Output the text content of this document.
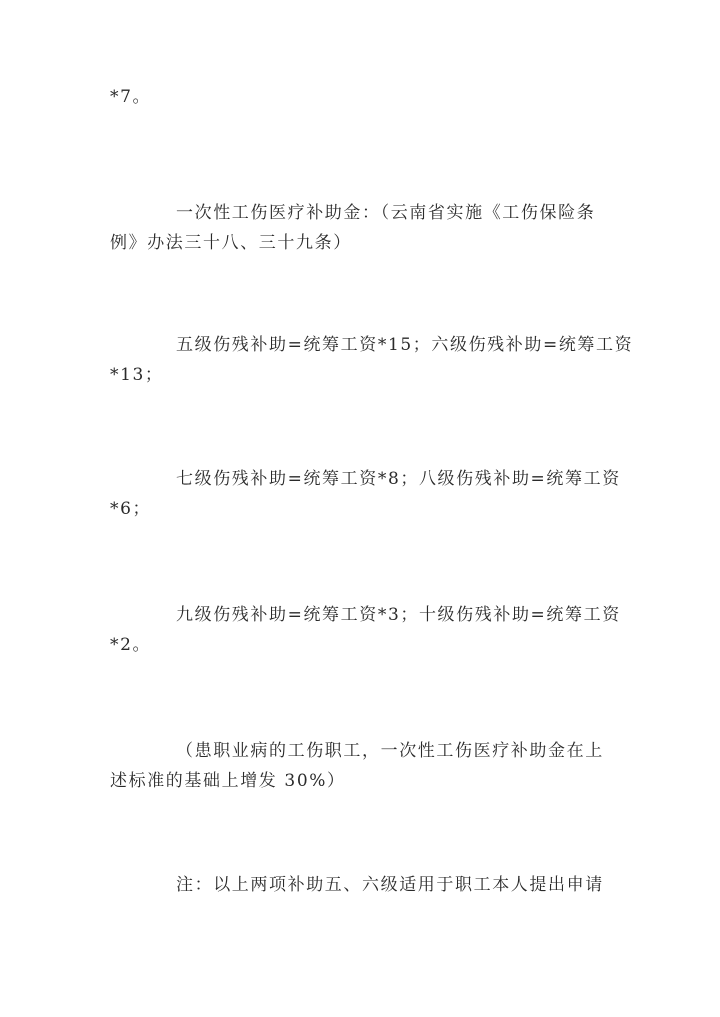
*7。

一次性工伤医疗补助金：（云南省实施《工伤保险条
例》办法三十八、三十九条）

五级伤残补助=统筹工资*15；六级伤残补助=统筹工资
*13；

七级伤残补助=统筹工资*8；八级伤残补助=统筹工资
*6；

九级伤残补助=统筹工资*3；十级伤残补助=统筹工资
*2。

（患职业病的工伤职工，一次性工伤医疗补助金在上
述标准的基础上增发 30%）

注：以上两项补助五、六级适用于职工本人提出申请
